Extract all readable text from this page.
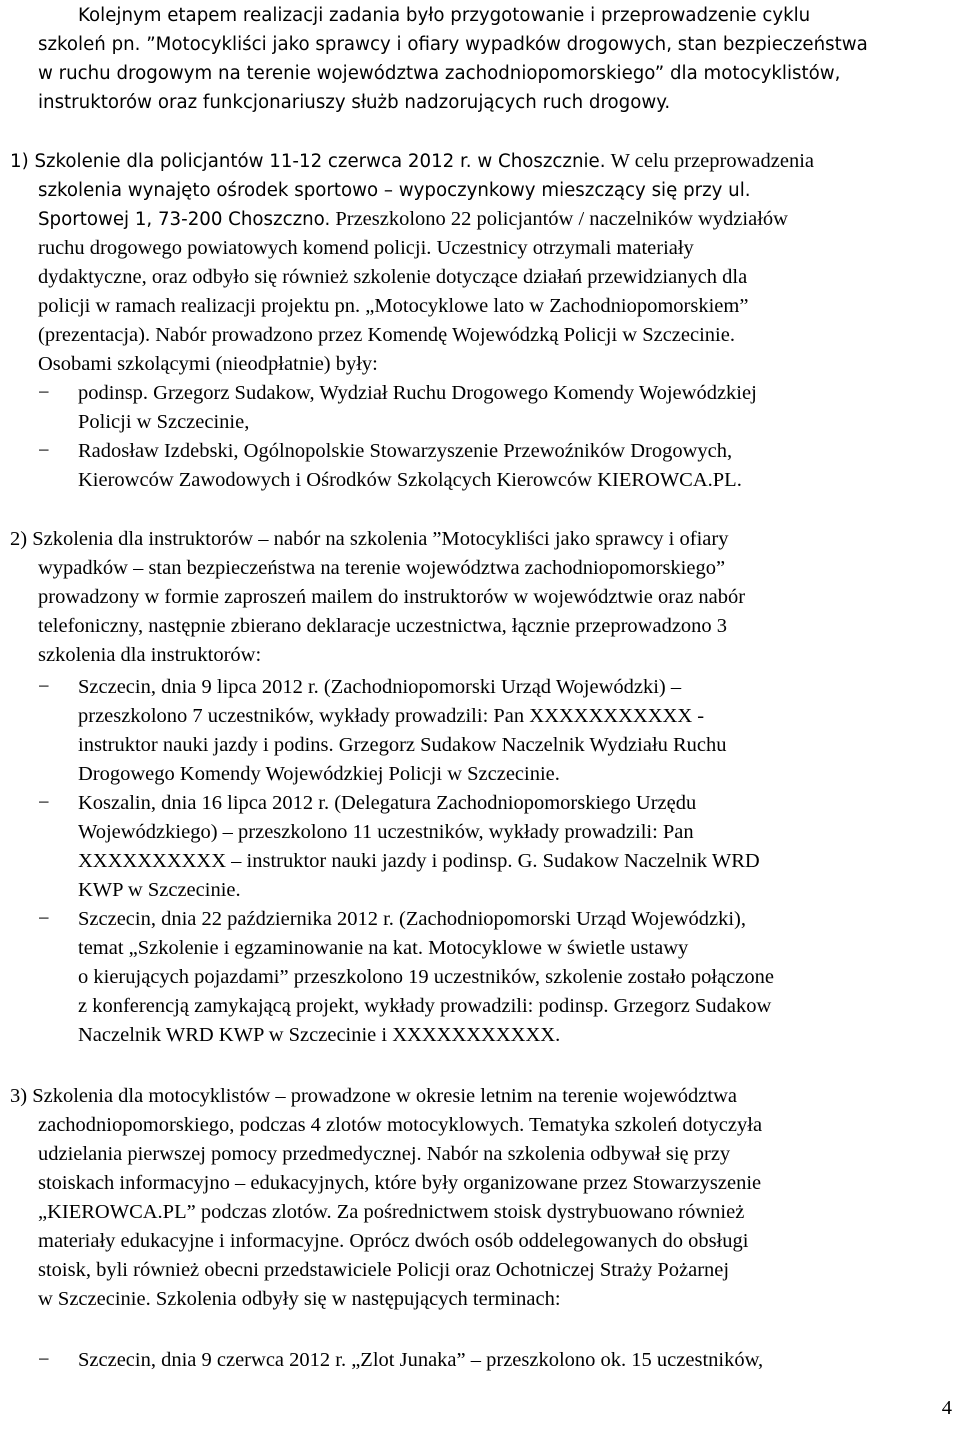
Kolejnym etapem realizacji zadania było przygotowanie i przeprowadzenie cyklu
szkoleń pn. ”Motocykliści jako sprawcy i ofiary wypadków drogowych, stan bezpieczeństwa
w ruchu drogowym na terenie województwa zachodniopomorskiego” dla motocyklistów,
instruktorów oraz funkcjonariuszy służb nadzorujących ruch drogowy.
1) Szkolenie dla policjantów 11-12 czerwca 2012 r. w Choszcznie. W celu przeprowadzenia
szkolenia wynajęto ośrodek sportowo – wypoczynkowy mieszczący się przy ul.
Sportowej 1, 73-200 Choszczno. Przeszkolono 22 policjantów / naczelników wydziałów
ruchu drogowego powiatowych komend policji. Uczestnicy otrzymali materiały
dydaktyczne, oraz odbyło się również szkolenie dotyczące działań przewidzianych dla
policji w ramach realizacji projektu pn. „Motocyklowe lato w Zachodniopomorskiem”
(prezentacja). Nabór prowadzono przez Komendę Wojewódzką Policji w Szczecinie.
Osobami szkolącymi (nieodpłatnie) były:
− podinsp. Grzegorz Sudakow, Wydział Ruchu Drogowego Komendy Wojewódzkiej
Policji w Szczecinie,
− Radosław Izdebski, Ogólnopolskie Stowarzyszenie Przewoźników Drogowych,
Kierowców Zawodowych i Ośrodków Szkolących Kierowców KIEROWCA.PL.
2) Szkolenia dla instruktorów – nabór na szkolenia ”Motocykliści jako sprawcy i ofiary
wypadków – stan bezpieczeństwa na terenie województwa zachodniopomorskiego”
prowadzony w formie zaproszeń mailem do instruktorów w województwie oraz nabór
telefoniczny, następnie zbierano deklaracje uczestnictwa, łącznie przeprowadzono 3
szkolenia dla instruktorów:
− Szczecin, dnia 9 lipca 2012 r. (Zachodniopomorski Urząd Wojewódzki) –
przeszkolono 7 uczestników, wykłady prowadzili: Pan XXXXXXXXXXX -
instruktor nauki jazdy i podins. Grzegorz Sudakow Naczelnik Wydziału Ruchu
Drogowego Komendy Wojewódzkiej Policji w Szczecinie.
− Koszalin, dnia 16 lipca 2012 r. (Delegatura Zachodniopomorskiego Urzędu
Wojewódzkiego) – przeszkolono 11 uczestników, wykłady prowadzili: Pan
XXXXXXXXXX – instruktor nauki jazdy i podinsp. G. Sudakow Naczelnik WRD
KWP w Szczecinie.
− Szczecin, dnia 22 października 2012 r. (Zachodniopomorski Urząd Wojewódzki),
temat „Szkolenie i egzaminowanie na kat. Motocyklowe w świetle ustawy
o kierujących pojazdami” przeszkolono 19 uczestników, szkolenie zostało połączone
z konferencją zamykającą projekt, wykłady prowadzili: podinsp. Grzegorz Sudakow
Naczelnik WRD KWP w Szczecinie i XXXXXXXXXXX.
3) Szkolenia dla motocyklistów – prowadzone w okresie letnim na terenie województwa
zachodniopomorskiego, podczas 4 zlotów motocyklowych. Tematyka szkoleń dotyczyła
udzielania pierwszej pomocy przedmedycznej. Nabór na szkolenia odbywał się przy
stoiskach informacyjno – edukacyjnych, które były organizowane przez Stowarzyszenie
„KIEROWCA.PL” podczas zlotów. Za pośrednictwem stoisk dystrybuowano również
materiały edukacyjne i informacyjne. Oprócz dwóch osób oddelegowanych do obsługi
stoisk, byli również obecni przedstawiciele Policji oraz Ochotniczej Straży Pożarnej
w Szczecinie. Szkolenia odbyły się w następujących terminach:
− Szczecin, dnia 9 czerwca 2012 r. „Zlot Junaka” – przeszkolono ok. 15 uczestników,
4
